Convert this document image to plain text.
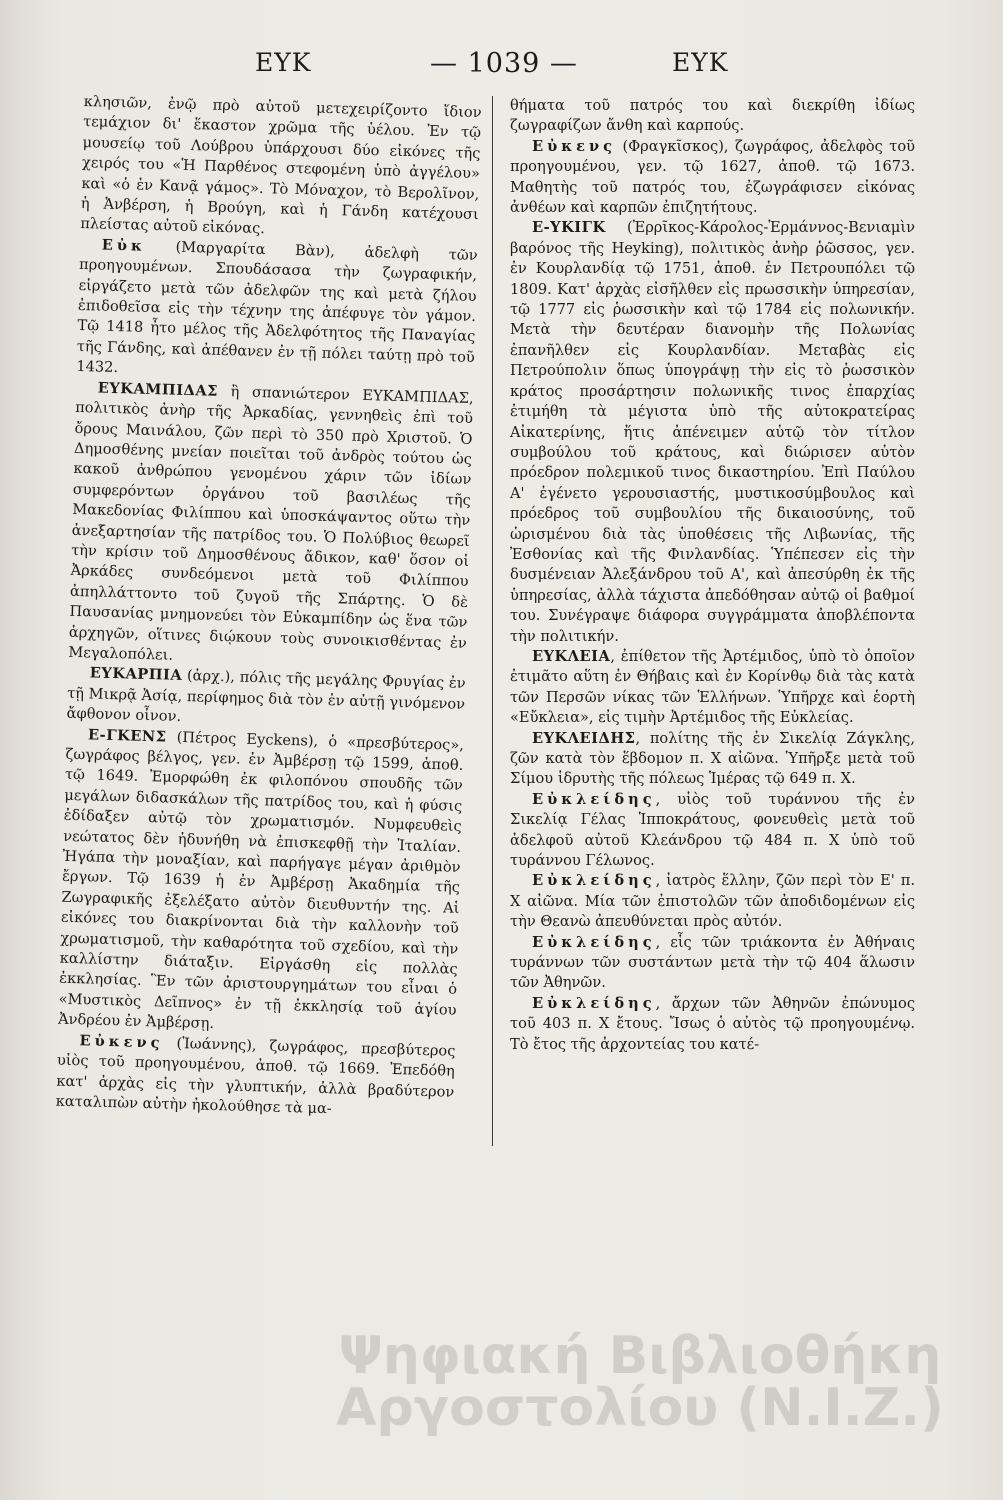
ΕΥΚ	— 1039 —	ΕΥΚ

κλησιῶν, ἐνῷ πρὸ αὐτοῦ μετεχειρίζοντο ἴδιον τεμάχιον δι' ἕκαστον χρῶμα τῆς ὑέλου. Ἐν τῷ μουσείῳ τοῦ Λούβρου ὑπάρχουσι δύο εἰκόνες τῆς χειρός του «Ἡ Παρθένος στεφομένη ὑπὸ ἀγγέλου» καὶ «ὁ ἐν Κανᾷ γάμος». Τὸ Μόναχον, τὸ Βερολῖνον, ἡ Ἀνβέρση, ἡ Βρούγη, καὶ ἡ Γάνδη κατέχουσι πλείστας αὐτοῦ εἰκόνας.

Εὐκ (Μαργαρίτα Βὰν), ἀδελφὴ τῶν προηγουμένων. Σπουδάσασα τὴν ζωγραφικήν, εἰργάζετο μετὰ τῶν ἀδελφῶν της καὶ μετὰ ζήλου ἐπιδοθεῖσα εἰς τὴν τέχνην της ἀπέφυγε τὸν γάμον. Τῷ 1418 ἦτο μέλος τῆς Ἀδελφότητος τῆς Παναγίας τῆς Γάνδης, καὶ ἀπέθανεν ἐν τῇ πόλει ταύτῃ πρὸ τοῦ 1432.

ΕΥΚΑΜΠΙΔΑΣ ἢ σπανιώτερον ΕΥΚΑΜΠΙΔΑΣ, πολιτικὸς ἀνὴρ τῆς Ἀρκαδίας, γεννηθεὶς ἐπὶ τοῦ ὄρους Μαινάλου, ζῶν περὶ τὸ 350 πρὸ Χριστοῦ. Ὁ Δημοσθένης μνείαν ποιεῖται τοῦ ἀνδρὸς τούτου ὡς κακοῦ ἀνθρώπου γενομένου χάριν τῶν ἰδίων συμφερόντων ὀργάνου τοῦ βασιλέως τῆς Μακεδονίας Φιλίππου καὶ ὑποσκάψαντος οὕτω τὴν ἀνεξαρτησίαν τῆς πατρίδος του. Ὁ Πολύβιος θεωρεῖ τὴν κρίσιν τοῦ Δημοσθένους ἄδικον, καθ' ὅσον οἱ Ἀρκάδες συνδεόμενοι μετὰ τοῦ Φιλίππου ἀπηλλάττοντο τοῦ ζυγοῦ τῆς Σπάρτης. Ὁ δὲ Παυσανίας μνημονεύει τὸν Εὐκαμπίδην ὡς ἕνα τῶν ἀρχηγῶν, οἵτινες διῴκουν τοὺς συνοικισθέντας ἐν Μεγαλοπόλει.

ΕΥΚΑΡΠΙΑ (ἀρχ.), πόλις τῆς μεγάλης Φρυγίας ἐν τῇ Μικρᾷ Ἀσίᾳ, περίφημος διὰ τὸν ἐν αὐτῇ γινόμενον ἄφθονον οἶνον.

Ε-ΓΚΕΝΣ (Πέτρος Eyckens), ὁ «πρεσβύτερος», ζωγράφος βέλγος, γεν. ἐν Ἀμβέρσῃ τῷ 1599, ἀποθ. τῷ 1649. Ἐμορφώθη ἐκ φιλοπόνου σπουδῆς τῶν μεγάλων διδασκάλων τῆς πατρίδος του, καὶ ἡ φύσις ἐδίδαξεν αὐτῷ τὸν χρωματισμόν. Νυμφευθεὶς νεώτατος δὲν ἠδυνήθη νὰ ἐπισκεφθῇ τὴν Ἰταλίαν. Ἠγάπα τὴν μοναξίαν, καὶ παρήγαγε μέγαν ἀριθμὸν ἔργων. Τῷ 1639 ἡ ἐν Ἀμβέρσῃ Ἀκαδημία τῆς Ζωγραφικῆς ἐξελέξατο αὐτὸν διευθυντήν της. Αἱ εἰκόνες του διακρίνονται διὰ τὴν καλλονὴν τοῦ χρωματισμοῦ, τὴν καθαρότητα τοῦ σχεδίου, καὶ τὴν καλλίστην διάταξιν. Εἰργάσθη εἰς πολλὰς ἐκκλησίας. Ἓν τῶν ἀριστουργημάτων του εἶναι ὁ «Μυστικὸς Δεῖπνος» ἐν τῇ ἐκκλησίᾳ τοῦ ἁγίου Ἀνδρέου ἐν Ἀμβέρσῃ.

Εὐκενς (Ἰωάννης), ζωγράφος, πρεσβύτερος υἱὸς τοῦ προηγουμένου, ἀποθ. τῷ 1669. Ἐπεδόθη κατ' ἀρχὰς εἰς τὴν γλυπτικήν, ἀλλὰ βραδύτερον καταλιπὼν αὐτὴν ἠκολούθησε τὰ μα-

θήματα τοῦ πατρός του καὶ διεκρίθη ἰδίως ζωγραφίζων ἄνθη καὶ καρπούς.

Εὐκενς (Φραγκῖσκος), ζωγράφος, ἀδελφὸς τοῦ προηγουμένου, γεν. τῷ 1627, ἀποθ. τῷ 1673. Μαθητὴς τοῦ πατρός του, ἐζωγράφισεν εἰκόνας ἀνθέων καὶ καρπῶν ἐπιζητήτους.

Ε-ΥΚΙΓΚ (Ἐρρῖκος-Κάρολος-Ἑρμάννος-Βενιαμὶν βαρόνος τῆς Heyking), πολιτικὸς ἀνὴρ ῥῶσσος, γεν. ἐν Κουρλανδίᾳ τῷ 1751, ἀποθ. ἐν Πετρουπόλει τῷ 1809. Κατ' ἀρχὰς εἰσῆλθεν εἰς πρωσσικὴν ὑπηρεσίαν, τῷ 1777 εἰς ῥωσσικὴν καὶ τῷ 1784 εἰς πολωνικήν. Μετὰ τὴν δευτέραν διανομὴν τῆς Πολωνίας ἐπανῆλθεν εἰς Κουρλανδίαν. Μεταβὰς εἰς Πετρούπολιν ὅπως ὑπογράψῃ τὴν εἰς τὸ ῥωσσικὸν κράτος προσάρτησιν πολωνικῆς τινος ἐπαρχίας ἐτιμήθη τὰ μέγιστα ὑπὸ τῆς αὐτοκρατείρας Αἰκατερίνης, ἥτις ἀπένειμεν αὐτῷ τὸν τίτλον συμβούλου τοῦ κράτους, καὶ διώρισεν αὐτὸν πρόεδρον πολεμικοῦ τινος δικαστηρίου. Ἐπὶ Παύλου Α' ἐγένετο γερουσιαστής, μυστικοσύμβουλος καὶ πρόεδρος τοῦ συμβουλίου τῆς δικαιοσύνης, τοῦ ὡρισμένου διὰ τὰς ὑποθέσεις τῆς Λιβωνίας, τῆς Ἐσθονίας καὶ τῆς Φινλανδίας. Ὑπέπεσεν εἰς τὴν δυσμένειαν Ἀλεξάνδρου τοῦ Α', καὶ ἀπεσύρθη ἐκ τῆς ὑπηρεσίας, ἀλλὰ τάχιστα ἀπεδόθησαν αὐτῷ οἱ βαθμοί του. Συνέγραψε διάφορα συγγράμματα ἀποβλέποντα τὴν πολιτικήν.

ΕΥΚΛΕΙΑ, ἐπίθετον τῆς Ἀρτέμιδος, ὑπὸ τὸ ὁποῖον ἐτιμᾶτο αὕτη ἐν Θήβαις καὶ ἐν Κορίνθῳ διὰ τὰς κατὰ τῶν Περσῶν νίκας τῶν Ἑλλήνων. Ὑπῆρχε καὶ ἑορτὴ «Εὔκλεια», εἰς τιμὴν Ἀρτέμιδος τῆς Εὐκλείας.

ΕΥΚΛΕΙΔΗΣ, πολίτης τῆς ἐν Σικελίᾳ Ζάγκλης, ζῶν κατὰ τὸν ἕβδομον π. Χ αἰῶνα. Ὑπῆρξε μετὰ τοῦ Σίμου ἱδρυτὴς τῆς πόλεως Ἱμέρας τῷ 649 π. Χ.

Εὐκλείδης, υἱὸς τοῦ τυράννου τῆς ἐν Σικελίᾳ Γέλας Ἱπποκράτους, φονευθεὶς μετὰ τοῦ ἀδελφοῦ αὐτοῦ Κλεάνδρου τῷ 484 π. Χ ὑπὸ τοῦ τυράννου Γέλωνος.

Εὐκλείδης, ἰατρὸς ἕλλην, ζῶν περὶ τὸν Ε' π. Χ αἰῶνα. Μία τῶν ἐπιστολῶν τῶν ἀποδιδομένων εἰς τὴν Θεανὼ ἀπευθύνεται πρὸς αὐτόν.

Εὐκλείδης, εἷς τῶν τριάκοντα ἐν Ἀθήναις τυράννων τῶν συστάντων μετὰ τὴν τῷ 404 ἅλωσιν τῶν Ἀθηνῶν.

Εὐκλείδης, ἄρχων τῶν Ἀθηνῶν ἐπώνυμος τοῦ 403 π. Χ ἔτους. Ἴσως ὁ αὐτὸς τῷ προηγουμένῳ. Τὸ ἔτος τῆς ἀρχοντείας του κατέ-

Ψηφιακή Βιβλιοθήκη Αργοστολίου (Ν.Ι.Ζ.)
